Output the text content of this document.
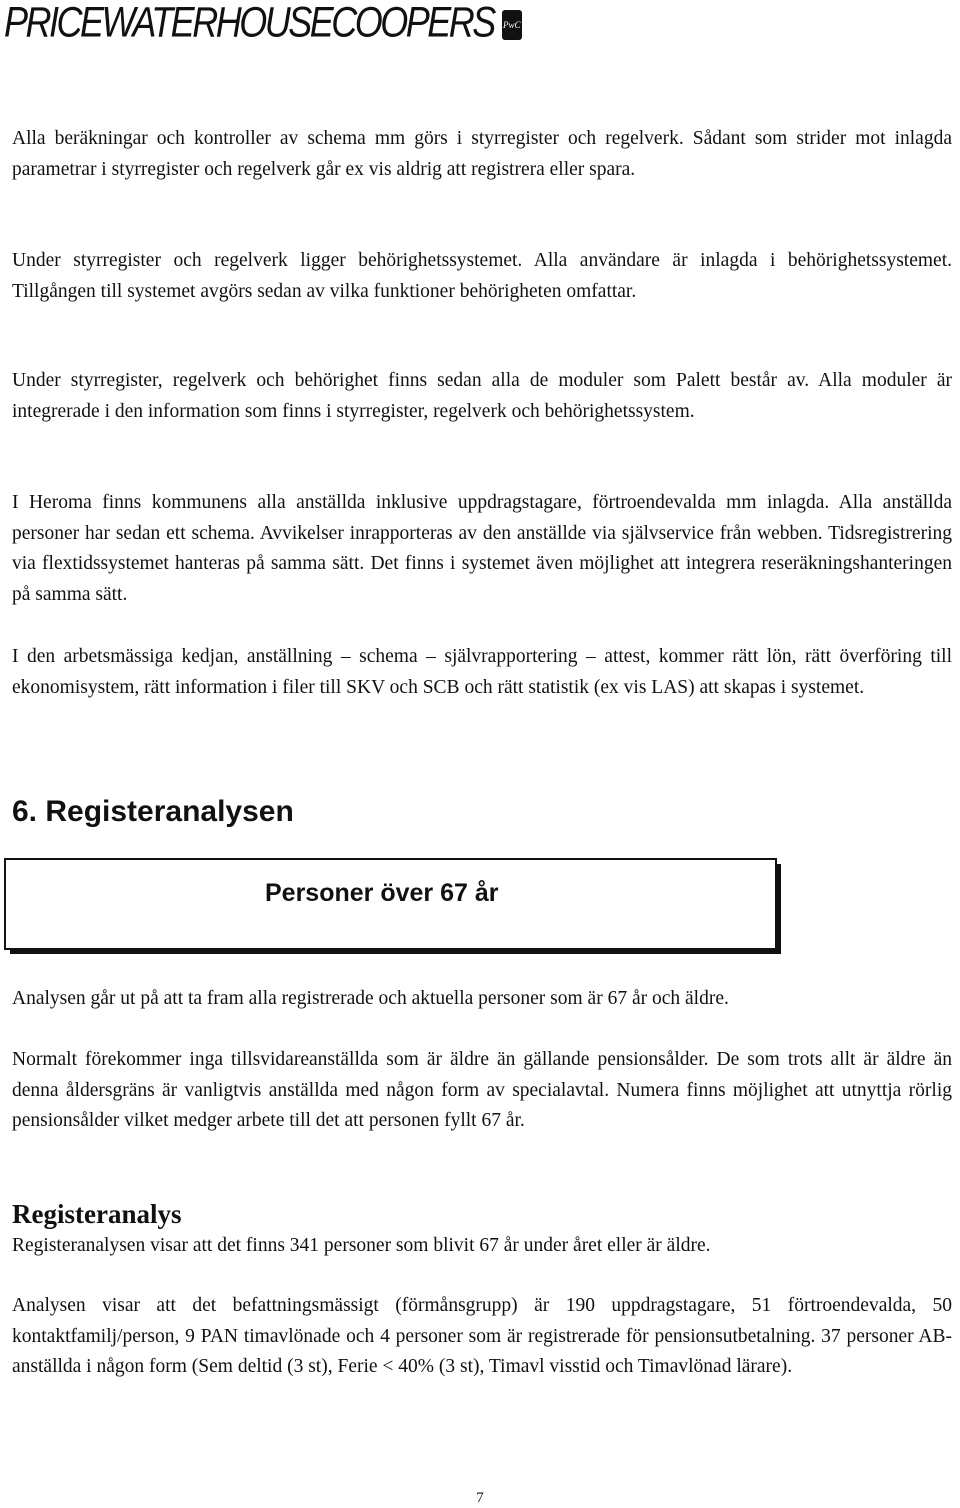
PRICEWATERHOUSECOOPERS PwC

Alla beräkningar och kontroller av schema mm görs i styrregister och regelverk. Sådant som strider mot inlagda parametrar i styrregister och regelverk går ex vis aldrig att registrera eller spara.

Under styrregister och regelverk ligger behörighetssystemet. Alla användare är inlagda i behörighetssystemet. Tillgången till systemet avgörs sedan av vilka funktioner behörigheten omfattar.

Under styrregister, regelverk och behörighet finns sedan alla de moduler som Palett består av. Alla moduler är integrerade i den information som finns i styrregister, regelverk och behörighetssystem.

I Heroma finns kommunens alla anställda inklusive uppdragstagare, förtroendevalda mm inlagda. Alla anställda personer har sedan ett schema. Avvikelser inrapporteras av den anställde via självservice från webben. Tidsregistrering via flextidssystemet hanteras på samma sätt. Det finns i systemet även möjlighet att integrera reseräkningshanteringen på samma sätt.

I den arbetsmässiga kedjan, anställning – schema – självrapportering – attest, kommer rätt lön, rätt överföring till ekonomisystem, rätt information i filer till SKV och SCB och rätt statistik (ex vis LAS) att skapas i systemet.

6. Registeranalysen
Personer över 67 år

Analysen går ut på att ta fram alla registrerade och aktuella personer som är 67 år och äldre.

Normalt förekommer inga tillsvidareanställda som är äldre än gällande pensionsålder. De som trots allt är äldre än denna åldersgräns är vanligtvis anställda med någon form av specialavtal. Numera finns möjlighet att utnyttja rörlig pensionsålder vilket medger arbete till det att personen fyllt 67 år.

Registeranalys

Registeranalysen visar att det finns 341 personer som blivit 67 år under året eller är äldre.

Analysen visar att det befattningsmässigt (förmånsgrupp) är 190 uppdragstagare, 51 förtroendevalda, 50 kontaktfamilj/person, 9 PAN timavlönade och 4 personer som är registrerade för pensionsutbetalning. 37 personer AB-anställda i någon form (Sem deltid (3 st), Ferie < 40% (3 st), Timavl visstid och Timavlönad lärare).

7
